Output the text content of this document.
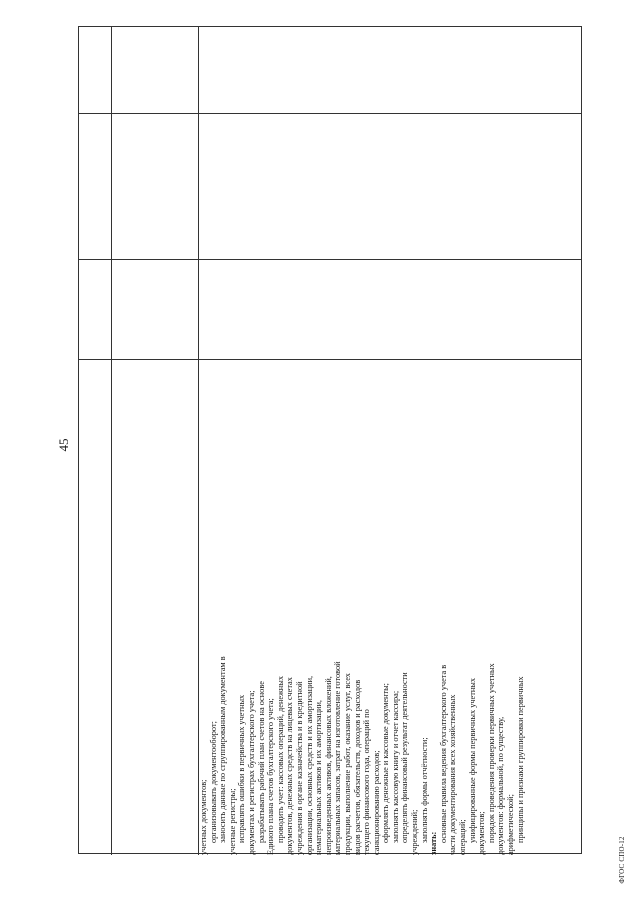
45
учетных документов; организовывать документооборот; заносить данные по сгруппированным документам в учетные регистры; исправлять ошибки в первичных учетных документах и регистрах бухгалтерского учета; разрабатывать рабочий план счетов на основе Единого плана счетов бухгалтерского учета; проводить учет: кассовых операций, денежных документов, денежных средств на лицевых счетах учреждения в органе казначейства и в кредитной организации, основных средств и их амортизации, нематериальных активов и их амортизации, непроизведенных активов, финансовых вложений, материальных запасов, затрат на изготовление готовой продукции, выполнение работ, оказание услуг, всех видов расчетов, обязательств, доходов и расходов текущего финансового года, операций по санкционированию расходов; оформлять денежные и кассовые документы; заполнять кассовую книгу и отчет кассира; определять финансовый результат деятельности учреждений; заполнять формы отчётности;
знать:
основные правила ведения бухгалтерского учета в части документирования всех хозяйственных операций; унифицированные формы первичных учетных документов; порядок проведения проверки первичных учетных документов: формальной, по существу, арифметической; принципы и признаки группировки первичных
ФГОС СПО-12
